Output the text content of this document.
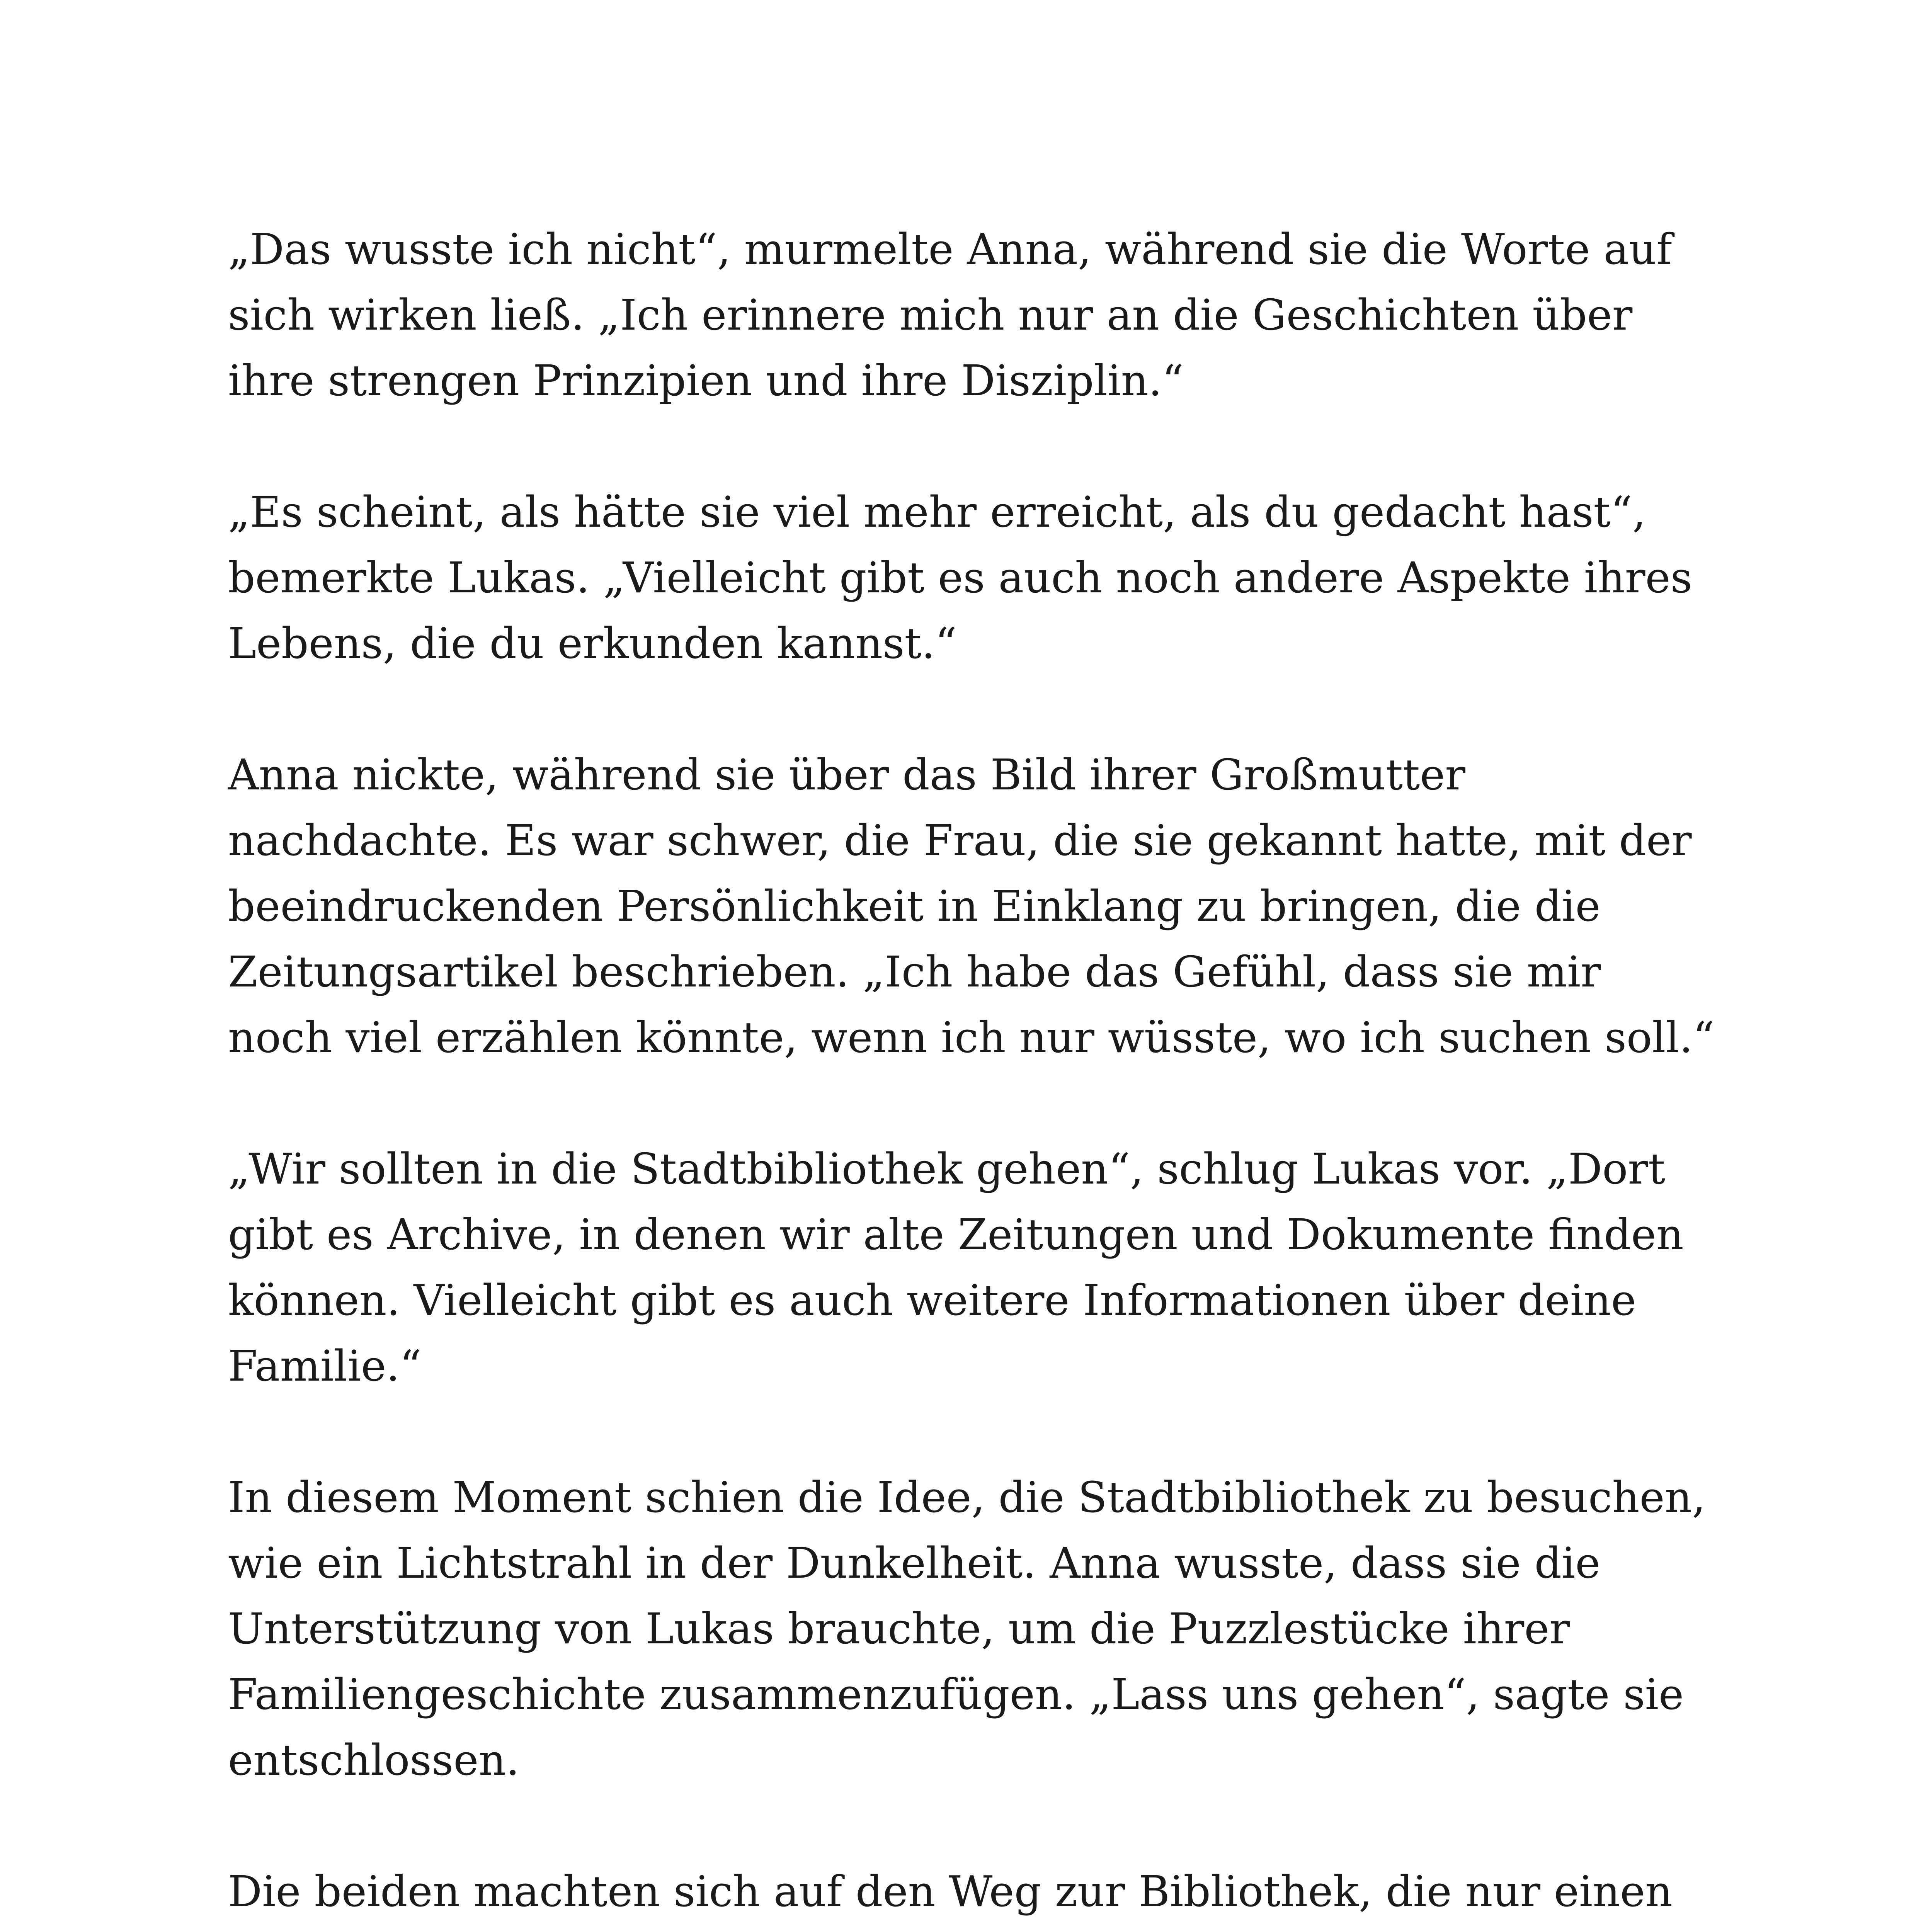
„Das wusste ich nicht“, murmelte Anna, während sie die Worte auf sich wirken ließ. „Ich erinnere mich nur an die Geschichten über ihre strengen Prinzipien und ihre Disziplin.“

„Es scheint, als hätte sie viel mehr erreicht, als du gedacht hast“, bemerkte Lukas. „Vielleicht gibt es auch noch andere Aspekte ihres Lebens, die du erkunden kannst.“

Anna nickte, während sie über das Bild ihrer Großmutter nachdachte. Es war schwer, die Frau, die sie gekannt hatte, mit der beeindruckenden Persönlichkeit in Einklang zu bringen, die die Zeitungsartikel beschrieben. „Ich habe das Gefühl, dass sie mir noch viel erzählen könnte, wenn ich nur wüsste, wo ich suchen soll.“

„Wir sollten in die Stadtbibliothek gehen“, schlug Lukas vor. „Dort gibt es Archive, in denen wir alte Zeitungen und Dokumente finden können. Vielleicht gibt es auch weitere Informationen über deine Familie.“

In diesem Moment schien die Idee, die Stadtbibliothek zu besuchen, wie ein Lichtstrahl in der Dunkelheit. Anna wusste, dass sie die Unterstützung von Lukas brauchte, um die Puzzlestücke ihrer Familiengeschichte zusammenzufügen. „Lass uns gehen“, sagte sie entschlossen.

Die beiden machten sich auf den Weg zur Bibliothek, die nur einen
